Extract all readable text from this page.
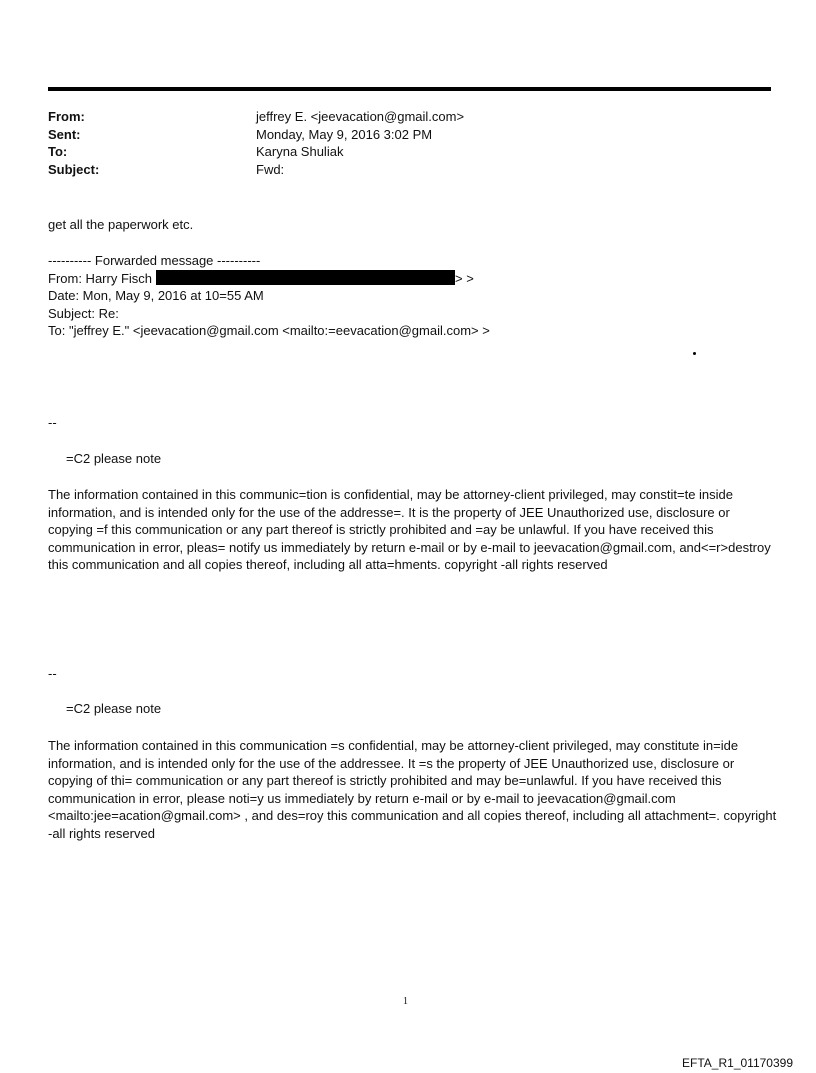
From:	jeffrey E. <jeevacation@gmail.com>
Sent:	Monday, May 9, 2016 3:02 PM
To:	Karyna Shuliak
Subject:	Fwd:
get all the paperwork etc.
---------- Forwarded message ----------
From: Harry Fisch	> >
Date: Mon, May 9, 2016 at 10=55 AM
Subject: Re:
To: "jeffrey E." <jeevacation@gmail.com <mailto:=eevacation@gmail.com> >
--
=C2 please note
The information contained in this communic=tion is confidential, may be attorney-client privileged, may constit=te inside information, and is intended only for the use of the addresse=. It is the property of JEE Unauthorized use, disclosure or copying =f this communication or any part thereof is strictly prohibited and =ay be unlawful. If you have received this communication in error, pleas= notify us immediately by return e-mail or by e-mail to jeevacation@gmail.com, and<=r>destroy this communication and all copies thereof, including all atta=hments. copyright -all rights reserved
--
=C2 please note
The information contained in this communication =s confidential, may be attorney-client privileged, may constitute in=ide information, and is intended only for the use of the addressee. It =s the property of JEE Unauthorized use, disclosure or copying of thi= communication or any part thereof is strictly prohibited and may be=unlawful. If you have received this communication in error, please noti=y us immediately by return e-mail or by e-mail to jeevacation@gmail.com <mailto:jee=acation@gmail.com> , and des=roy this communication and all copies thereof, including all attachment=. copyright -all rights reserved
1
EFTA_R1_01170399
